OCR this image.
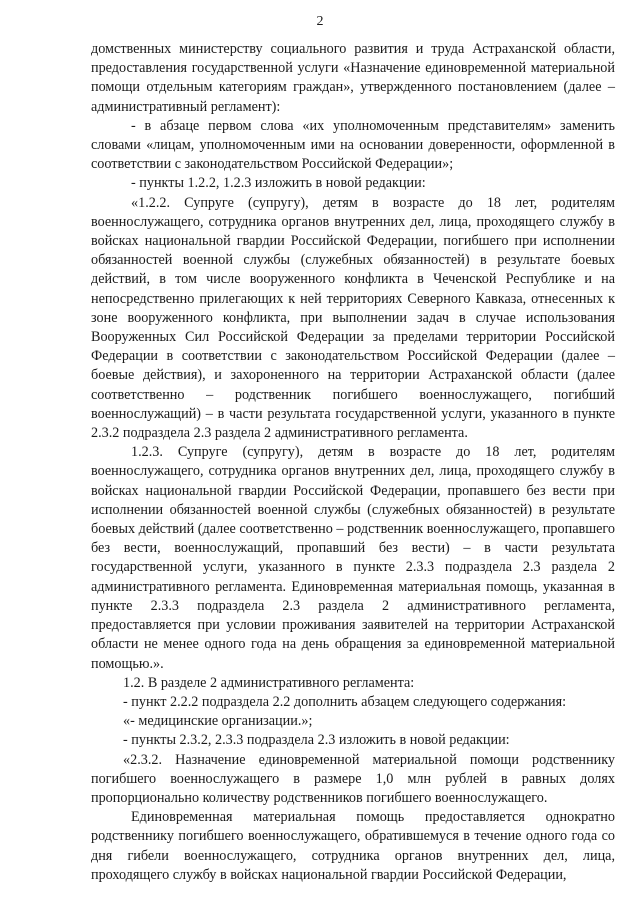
2

домственных министерству социального развития и труда Астраханской области, предоставления государственной услуги «Назначение единовременной материальной помощи отдельным категориям граждан», утвержденного постановлением (далее – административный регламент):

- в абзаце первом слова «их уполномоченным представителям» заменить словами «лицам, уполномоченным ими на основании доверенности, оформленной в соответствии с законодательством Российской Федерации»;

- пункты 1.2.2, 1.2.3 изложить в новой редакции:

«1.2.2. Супруге (супругу), детям в возрасте до 18 лет, родителям военнослужащего, сотрудника органов внутренних дел, лица, проходящего службу в войсках национальной гвардии Российской Федерации, погибшего при исполнении обязанностей военной службы (служебных обязанностей) в результате боевых действий, в том числе вооруженного конфликта в Чеченской Республике и на непосредственно прилегающих к ней территориях Северного Кавказа, отнесенных к зоне вооруженного конфликта, при выполнении задач в случае использования Вооруженных Сил Российской Федерации за пределами территории Российской Федерации в соответствии с законодательством Российской Федерации (далее – боевые действия), и захороненного на территории Астраханской области (далее соответственно – родственник погибшего военнослужащего, погибший военнослужащий) – в части результата государственной услуги, указанного в пункте 2.3.2 подраздела 2.3 раздела 2 административного регламента.

1.2.3. Супруге (супругу), детям в возрасте до 18 лет, родителям военнослужащего, сотрудника органов внутренних дел, лица, проходящего службу в войсках национальной гвардии Российской Федерации, пропавшего без вести при исполнении обязанностей военной службы (служебных обязанностей) в результате боевых действий (далее соответственно – родственник военнослужащего, пропавшего без вести, военнослужащий, пропавший без вести) – в части результата государственной услуги, указанного в пункте 2.3.3 подраздела 2.3 раздела 2 административного регламента. Единовременная материальная помощь, указанная в пункте 2.3.3 подраздела 2.3 раздела 2 административного регламента, предоставляется при условии проживания заявителей на территории Астраханской области не менее одного года на день обращения за единовременной материальной помощью.».

1.2. В разделе 2 административного регламента:

- пункт 2.2.2 подраздела 2.2 дополнить абзацем следующего содержания:

«- медицинские организации.»;

- пункты 2.3.2, 2.3.3 подраздела 2.3 изложить в новой редакции:

«2.3.2. Назначение единовременной материальной помощи родственнику погибшего военнослужащего в размере 1,0 млн рублей в равных долях пропорционально количеству родственников погибшего военнослужащего.

Единовременная материальная помощь предоставляется однократно родственнику погибшего военнослужащего, обратившемуся в течение одного года со дня гибели военнослужащего, сотрудника органов внутренних дел, лица, проходящего службу в войсках национальной гвардии Российской Федерации,
